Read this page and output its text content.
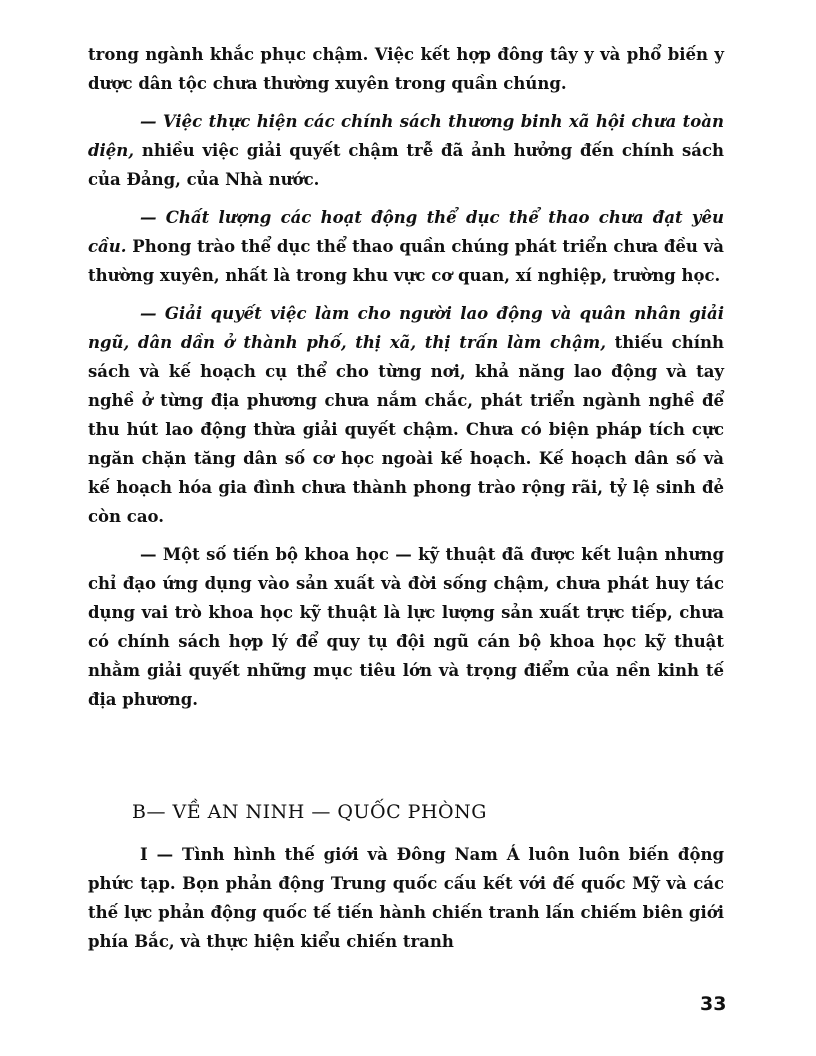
trong ngành khắc phục chậm. Việc kết hợp đông tây y và phổ biến y dược dân tộc chưa thường xuyên trong quần chúng.

— Việc thực hiện các chính sách thương binh xã hội chưa toàn diện, nhiều việc giải quyết chậm trễ đã ảnh hưởng đến chính sách của Đảng, của Nhà nước.

— Chất lượng các hoạt động thể dục thể thao chưa đạt yêu cầu. Phong trào thể dục thể thao quần chúng phát triển chưa đều và thường xuyên, nhất là trong khu vực cơ quan, xí nghiệp, trường học.

— Giải quyết việc làm cho người lao động và quân nhân giải ngũ, dân dần ở thành phố, thị xã, thị trấn làm chậm, thiếu chính sách và kế hoạch cụ thể cho từng nơi, khả năng lao động và tay nghề ở từng địa phương chưa nắm chắc, phát triển ngành nghề để thu hút lao động thừa giải quyết chậm. Chưa có biện pháp tích cực ngăn chặn tăng dân số cơ học ngoài kế hoạch. Kế hoạch dân số và kế hoạch hóa gia đình chưa thành phong trào rộng rãi, tỷ lệ sinh đẻ còn cao.

— Một số tiến bộ khoa học — kỹ thuật đã được kết luận nhưng chỉ đạo ứng dụng vào sản xuất và đời sống chậm, chưa phát huy tác dụng vai trò khoa học kỹ thuật là lực lượng sản xuất trực tiếp, chưa có chính sách hợp lý để quy tụ đội ngũ cán bộ khoa học kỹ thuật nhằm giải quyết những mục tiêu lớn và trọng điểm của nền kinh tế địa phương.

B— VỀ AN NINH — QUỐC PHÒNG

I — Tình hình thế giới và Đông Nam Á luôn luôn biến động phức tạp. Bọn phản động Trung quốc cấu kết với đế quốc Mỹ và các thế lực phản động quốc tế tiến hành chiến tranh lấn chiếm biên giới phía Bắc, và thực hiện kiểu chiến tranh

33
